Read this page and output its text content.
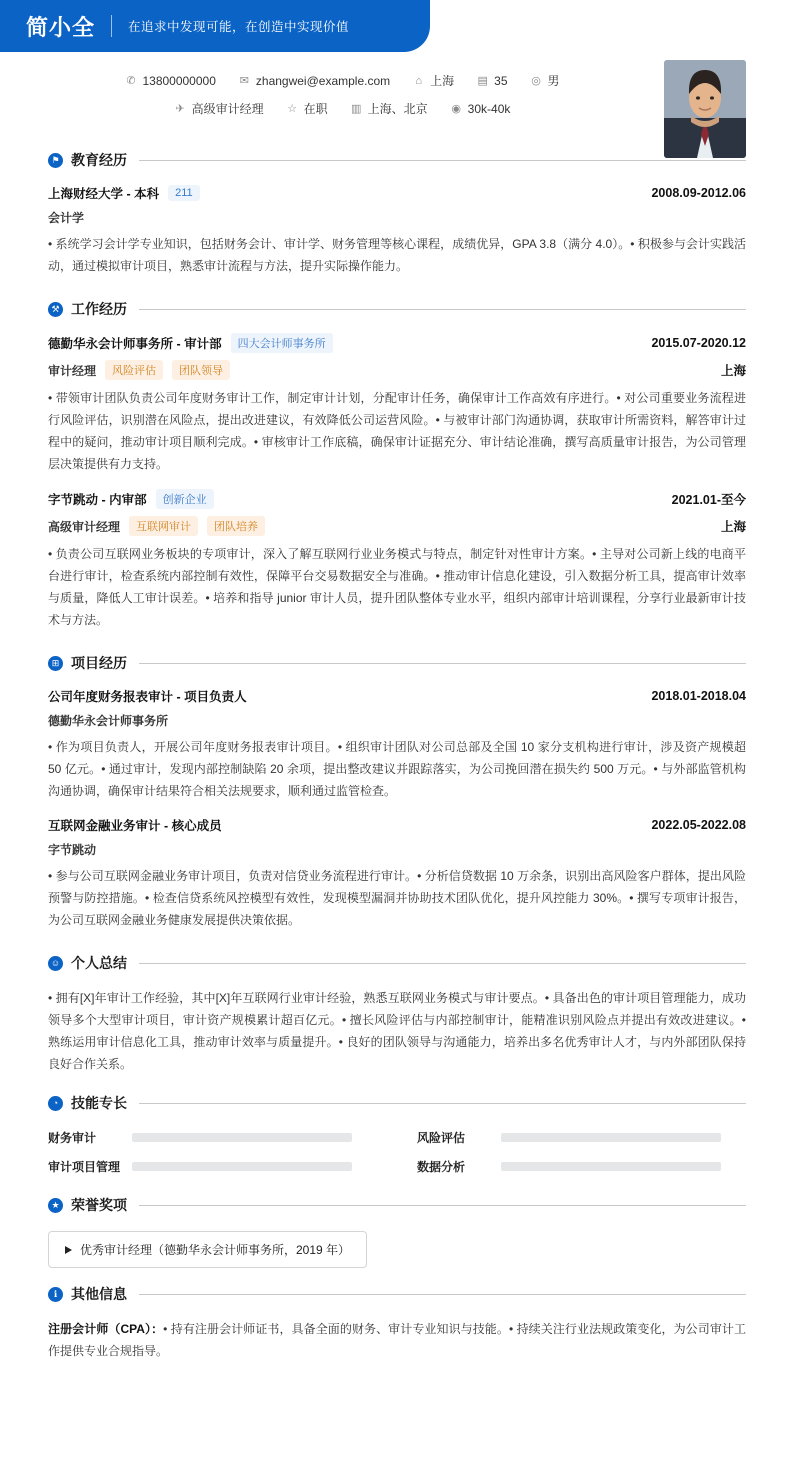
简小全	在追求中发现可能，在创造中实现价值
✆ 13800000000 ✉ zhangwei@example.com ⌂ 上海 ▤ 35 ◎ 男
✈ 高级审计经理 ☆ 在职 ▥ 上海、北京 ◉ 30k-40k
⚑ 教育经历
上海财经大学 - 本科	211	2008.09-2012.06
会计学
• 系统学习会计学专业知识，包括财务会计、审计学、财务管理等核心课程，成绩优异，GPA 3.8（满分 4.0）。• 积极参与会计实践活动，通过模拟审计项目，熟悉审计流程与方法，提升实际操作能力。
⚒ 工作经历
德勤华永会计师事务所 - 审计部	四大会计师事务所	2015.07-2020.12
审计经理	风险评估	团队领导	上海
• 带领审计团队负责公司年度财务审计工作，制定审计计划，分配审计任务，确保审计工作高效有序进行。• 对公司重要业务流程进行风险评估，识别潜在风险点，提出改进建议，有效降低公司运营风险。• 与被审计部门沟通协调，获取审计所需资料，解答审计过程中的疑问，推动审计项目顺利完成。• 审核审计工作底稿，确保审计证据充分、审计结论准确，撰写高质量审计报告，为公司管理层决策提供有力支持。
字节跳动 - 内审部	创新企业	2021.01-至今
高级审计经理	互联网审计	团队培养	上海
• 负责公司互联网业务板块的专项审计，深入了解互联网行业业务模式与特点，制定针对性审计方案。• 主导对公司新上线的电商平台进行审计，检查系统内部控制有效性，保障平台交易数据安全与准确。• 推动审计信息化建设，引入数据分析工具，提高审计效率与质量，降低人工审计误差。• 培养和指导 junior 审计人员，提升团队整体专业水平，组织内部审计培训课程，分享行业最新审计技术与方法。
⊞ 项目经历
公司年度财务报表审计 - 项目负责人	2018.01-2018.04
德勤华永会计师事务所
• 作为项目负责人，开展公司年度财务报表审计项目。• 组织审计团队对公司总部及全国 10 家分支机构进行审计，涉及资产规模超 50 亿元。• 通过审计，发现内部控制缺陷 20 余项，提出整改建议并跟踪落实，为公司挽回潜在损失约 500 万元。• 与外部监管机构沟通协调，确保审计结果符合相关法规要求，顺利通过监管检查。
互联网金融业务审计 - 核心成员	2022.05-2022.08
字节跳动
• 参与公司互联网金融业务审计项目，负责对信贷业务流程进行审计。• 分析信贷数据 10 万余条，识别出高风险客户群体，提出风险预警与防控措施。• 检查信贷系统风控模型有效性，发现模型漏洞并协助技术团队优化，提升风控能力 30%。• 撰写专项审计报告，为公司互联网金融业务健康发展提供决策依据。
☺ 个人总结
• 拥有[X]年审计工作经验，其中[X]年互联网行业审计经验，熟悉互联网业务模式与审计要点。• 具备出色的审计项目管理能力，成功领导多个大型审计项目，审计资产规模累计超百亿元。• 擅长风险评估与内部控制审计，能精准识别风险点并提出有效改进建议。• 熟练运用审计信息化工具，推动审计效率与质量提升。• 良好的团队领导与沟通能力，培养出多名优秀审计人才，与内外部团队保持良好合作关系。
◔ 技能专长
财务审计	风险评估
审计项目管理	数据分析
★ 荣誉奖项
优秀审计经理（德勤华永会计师事务所，2019 年）
ℹ 其他信息
注册会计师（CPA）：• 持有注册会计师证书，具备全面的财务、审计专业知识与技能。• 持续关注行业法规政策变化，为公司审计工作提供专业合规指导。
